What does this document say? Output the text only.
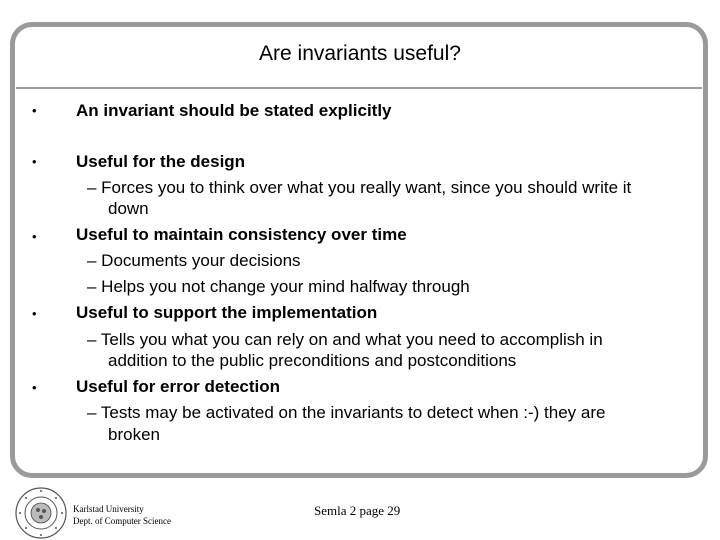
Are invariants useful?
•
•
•
•
•
An invariant should be stated explicitly
Useful for the design
– Forces you to think over what you really want, since you should write it
down
Useful to maintain consistency over time
– Documents your decisions
– Helps you not change your mind halfway through
Useful to support the implementation
– Tells you what you can rely on and what you need to accomplish in
addition to the public preconditions and postconditions
Useful for error detection
– Tests may be activated on the invariants to detect when :-) they are
broken
Karlstad University
Dept. of Computer Science
Semla 2 page 29
